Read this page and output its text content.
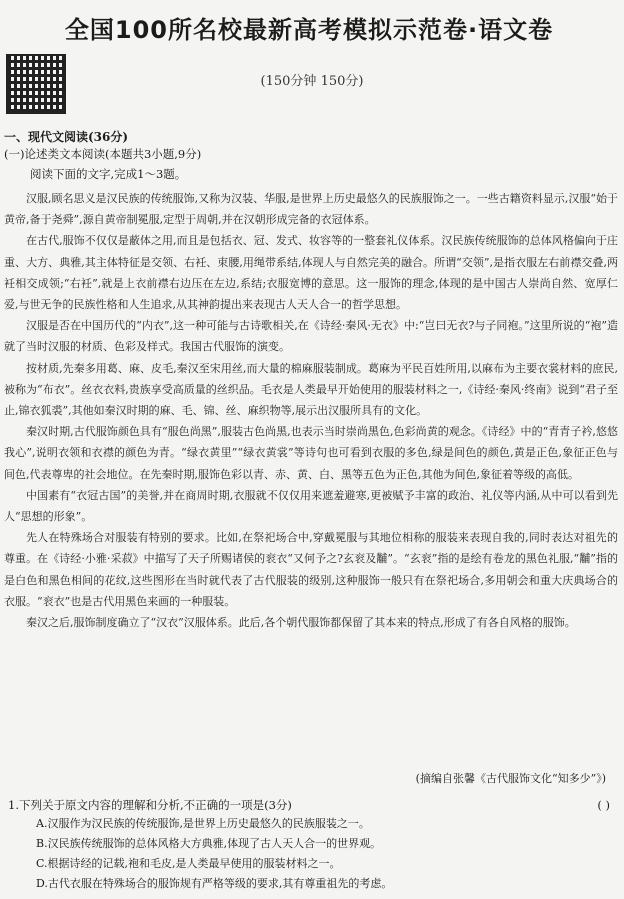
全国100所名校最新高考模拟示范卷·语文卷
(150分钟 150分)
一、现代文阅读(36分)
(一)论述类文本阅读(本题共3小题,9分)
阅读下面的文字,完成1～3题。

汉服,顾名思义是汉民族的传统服饰,又称为汉装、华服,是世界上历史最悠久的民族服饰之一。一些古籍资料显示,汉服“始于黄帝,备于尧舜”,源自黄帝制冕服,定型于周朝,并在汉朝形成完备的衣冠体系。

在古代,服饰不仅仅是蔽体之用,而且是包括衣、冠、发式、妆容等的一整套礼仪体系。汉民族传统服饰的总体风格偏向于庄重、大方、典雅,其主体特征是交领、右衽、束腰,用绳带系结,体现人与自然完美的融合。所谓“交领”,是指衣服左右前襟交叠,两衽相交成领;“右衽”,就是上衣前襟右边压在左边,系结;衣服宽博的意思。这一服饰的理念,体现的是中国古人崇尚自然、宽厚仁爱,与世无争的民族性格和人生追求,从其神韵提出来表现古人天人合一的哲学思想。

汉服是否在中国历代的“内衣”,这一种可能与古诗歌相关,在《诗经·秦风·无衣》中:“岂曰无衣?与子同袍。”这里所说的“袍”造就了当时汉服的材质、色彩及样式。我国古代服饰的演变。

按材质,先秦多用葛、麻、皮毛,秦汉至宋用丝,而大量的棉麻服装制成。葛麻为平民百姓所用,以麻布为主要衣裳材料的庶民,被称为“布衣”。丝衣衣料,贵族享受高质量的丝织品。毛衣是人类最早开始使用的服装材料之一,《诗经·秦风·终南》说到“君子至止,锦衣狐裘”,其他如秦汉时期的麻、毛、锦、丝、麻织物等,展示出汉服所具有的文化。

秦汉时期,古代服饰颜色具有“服色尚黑”,服装古色尚黑,也表示当时崇尚黑色,色彩尚黄的观念。《诗经》中的“青青子衿,悠悠我心”,说明衣领和衣襟的颜色为青。“绿衣黄里”“绿衣黄裳”等诗句也可看到衣服的多色,绿是间色的颜色,黄是正色,象征正色与间色,代表尊卑的社会地位。在先秦时期,服饰色彩以青、赤、黄、白、黑等五色为正色,其他为间色,象征着等级的高低。

中国素有“衣冠古国”的美誉,并在商周时期,衣服就不仅仅用来遮羞避寒,更被赋予丰富的政治、礼仪等内涵,从中可以看到先人“思想的形象”。

先人在特殊场合对服装有特别的要求。比如,在祭祀场合中,穿戴冕服与其地位相称的服装来表现自我的,同时表达对祖先的尊重。在《诗经·小雅·采菽》中描写了天子所赐诸侯的衮衣“又何予之?玄衮及黼”。“玄衮”指的是绘有卷龙的黑色礼服,“黼”指的是白色和黑色相间的花纹,这些图形在当时就代表了古代服装的级别,这种服饰一般只有在祭祀场合,多用朝会和重大庆典场合的衣服。“衮衣”也是古代用黑色来画的一种服装。

秦汉之后,服饰制度确立了“汉衣”汉服体系。此后,各个朝代服饰都保留了其本来的特点,形成了有各自风格的服饰。

(摘编自张馨《古代服饰文化“知多少”》)
1.下列关于原文内容的理解和分析,不正确的一项是(3分)	( )
A.汉服作为汉民族的传统服饰,是世界上历史最悠久的民族服装之一。
B.汉民族传统服饰的总体风格大方典雅,体现了古人天人合一的世界观。
C.根据诗经的记载,袍和毛皮,是人类最早使用的服装材料之一。
D.古代衣服在特殊场合的服饰规有严格等级的要求,其有尊重祖先的考虑。
